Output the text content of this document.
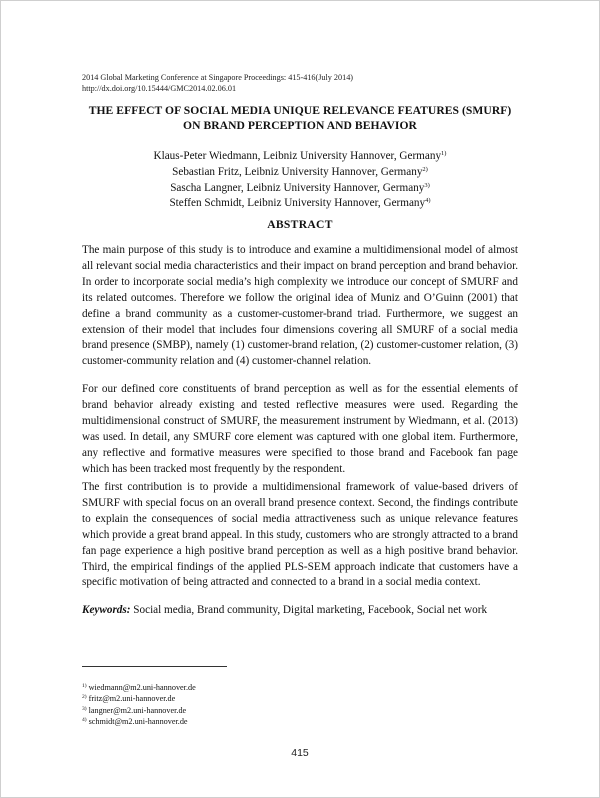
2014 Global Marketing Conference at Singapore Proceedings: 415-416(July 2014)
http://dx.doi.org/10.15444/GMC2014.02.06.01
THE EFFECT OF SOCIAL MEDIA UNIQUE RELEVANCE FEATURES (SMURF)
ON BRAND PERCEPTION AND BEHAVIOR
Klaus-Peter Wiedmann, Leibniz University Hannover, Germany$^{1)}$
Sebastian Fritz, Leibniz University Hannover, Germany$^{2)}$
Sascha Langner, Leibniz University Hannover, Germany$^{3)}$
Steffen Schmidt, Leibniz University Hannover, Germany$^{4)}$
ABSTRACT

The main purpose of this study is to introduce and examine a multidimensional model of almost all relevant social media characteristics and their impact on brand perception and brand behavior. In order to incorporate social media’s high complexity we introduce our concept of SMURF and its related outcomes. Therefore we follow the original idea of Muniz and O’Guinn (2001) that define a brand community as a customer-customer-brand triad. Furthermore, we suggest an extension of their model that includes four dimensions covering all SMURF of a social media brand presence (SMBP), namely (1) customer-brand relation, (2) customer-customer relation, (3) customer-community relation and (4) customer-channel relation.

For our defined core constituents of brand perception as well as for the essential elements of brand behavior already existing and tested reflective measures were used. Regarding the multidimensional construct of SMURF, the measurement instrument by Wiedmann, et al. (2013) was used. In detail, any SMURF core element was captured with one global item. Furthermore, any reflective and formative measures were specified to those brand and Facebook fan page which has been tracked most frequently by the respondent.

The first contribution is to provide a multidimensional framework of value-based drivers of SMURF with special focus on an overall brand presence context. Second, the findings contribute to explain the consequences of social media attractiveness such as unique relevance features which provide a great brand appeal. In this study, customers who are strongly attracted to a brand fan page experience a high positive brand perception as well as a high positive brand behavior. Third, the empirical findings of the applied PLS-SEM approach indicate that customers have a specific motivation of being attracted and connected to a brand in a social media context.

Keywords: Social media, Brand community, Digital marketing, Facebook, Social net work
$^{1)}$ wiedmann@m2.uni-hannover.de
$^{2)}$ fritz@m2.uni-hannover.de
$^{3)}$ langner@m2.uni-hannover.de
$^{4)}$ schmidt@m2.uni-hannover.de
415
